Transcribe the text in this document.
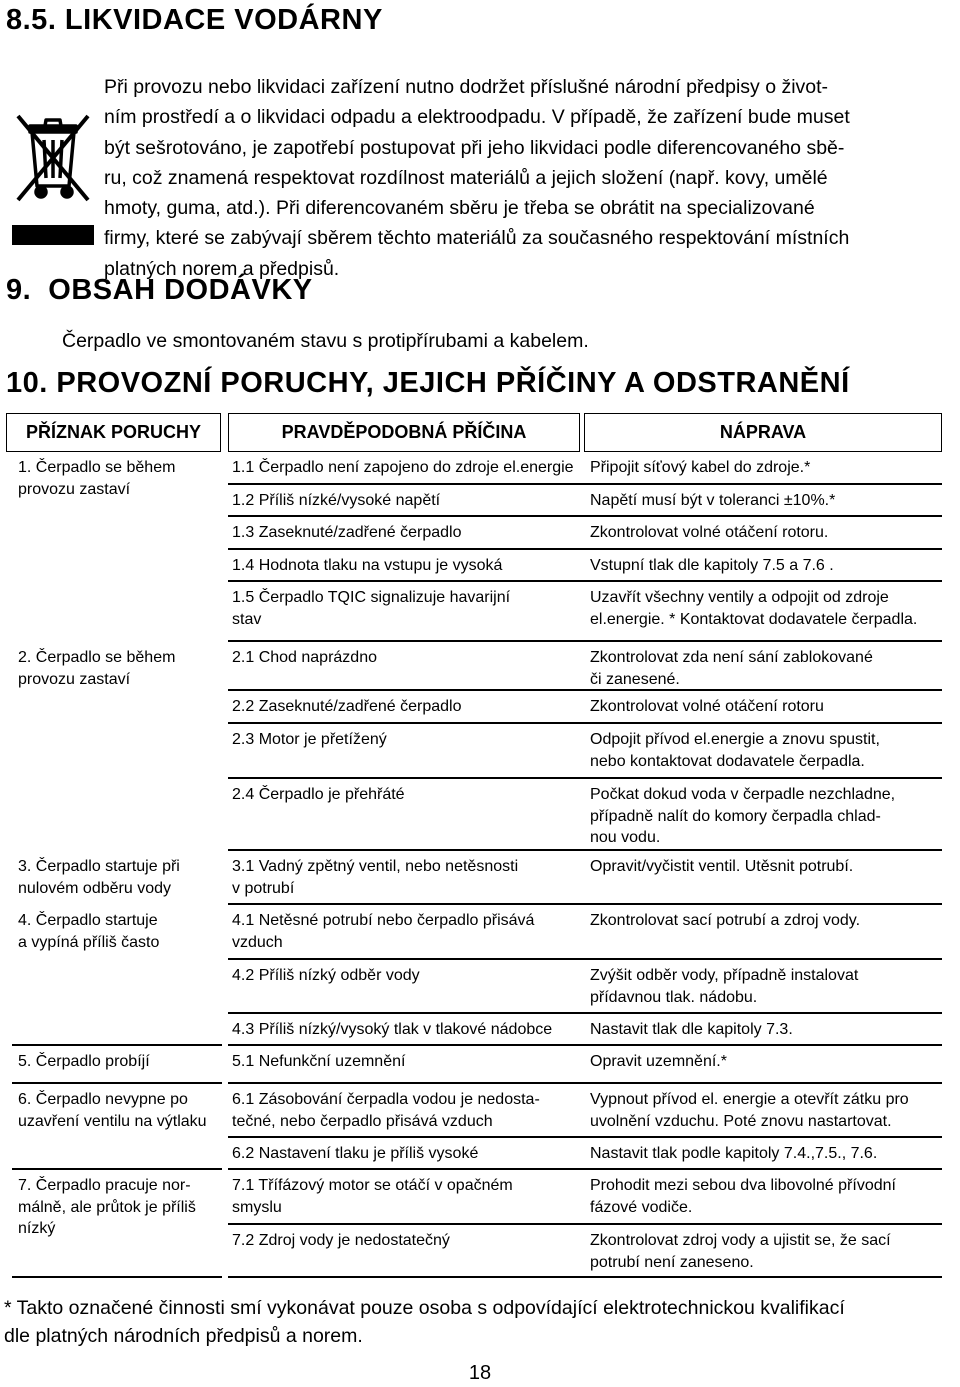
8.5. LIKVIDACE VODÁRNY
Při provozu nebo likvidaci zařízení nutno dodržet příslušné národní předpisy o život-
ním prostředí a o likvidaci odpadu a elektroodpadu. V případě, že zařízení bude muset
být sešrotováno, je zapotřebí postupovat při jeho likvidaci podle diferencovaného sbě-
ru, což znamená respektovat rozdílnost materiálů a jejich složení (např. kovy, umělé
hmoty, guma, atd.). Při diferencovaném sběru je třeba se obrátit na specializované
firmy, které se zabývají sběrem těchto materiálů za současného respektování místních
platných norem a předpisů.
9.  OBSAH DODÁVKY
Čerpadlo ve smontovaném stavu s protipřírubami a kabelem.
10. PROVOZNÍ PORUCHY, JEJICH PŘÍČINY A ODSTRANĚNÍ
PŘÍZNAK PORUCHY	PRAVDĚPODOBNÁ PŘÍČINA	NÁPRAVA
1. Čerpadlo se během
provozu zastaví
2. Čerpadlo se během
provozu zastaví
3. Čerpadlo startuje při
nulovém odběru vody
4. Čerpadlo startuje
a vypíná příliš často
5. Čerpadlo probíjí
6. Čerpadlo nevypne po
uzavření ventilu na výtlaku
7. Čerpadlo pracuje nor-
málně, ale průtok je příliš
nízký
1.1 Čerpadlo není zapojeno do zdroje el.energie
1.2 Příliš nízké/vysoké napětí
1.3 Zaseknuté/zadřené čerpadlo
1.4 Hodnota tlaku na vstupu je vysoká
1.5 Čerpadlo TQIC signalizuje havarijní
stav
2.1 Chod naprázdno
2.2 Zaseknuté/zadřené čerpadlo
2.3 Motor je přetížený
2.4 Čerpadlo je přehřáté
3.1 Vadný zpětný ventil, nebo netěsnosti
v potrubí
4.1 Netěsné potrubí nebo čerpadlo přisává
vzduch
4.2 Příliš nízký odběr vody
4.3 Příliš nízký/vysoký tlak v tlakové nádobce
5.1 Nefunkční uzemnění
6.1 Zásobování čerpadla vodou je nedosta-
tečné, nebo čerpadlo přisává vzduch
6.2 Nastavení tlaku je příliš vysoké
7.1 Třífázový motor se otáčí v opačném
smyslu
7.2 Zdroj vody je nedostatečný
Připojit síťový kabel do zdroje.*
Napětí musí být v toleranci ±10%.*
Zkontrolovat volné otáčení rotoru.
Vstupní tlak dle kapitoly 7.5 a 7.6 .
Uzavřít všechny ventily a odpojit od zdroje
el.energie. * Kontaktovat dodavatele čerpadla.
Zkontrolovat zda není sání zablokované
či zanesené.
Zkontrolovat volné otáčení rotoru
Odpojit přívod el.energie a znovu spustit,
nebo kontaktovat dodavatele čerpadla.
Počkat dokud voda v čerpadle nezchladne,
případně nalít do komory čerpadla chlad-
nou vodu.
Opravit/vyčistit ventil. Utěsnit potrubí.
Zkontrolovat sací potrubí a zdroj vody.
Zvýšit odběr vody, případně instalovat
přídavnou tlak. nádobu.
Nastavit tlak dle kapitoly 7.3.
Opravit uzemnění.*
Vypnout přívod el. energie a otevřít zátku pro
uvolnění vzduchu. Poté znovu nastartovat.
Nastavit tlak podle kapitoly 7.4.,7.5., 7.6.
Prohodit mezi sebou dva libovolné přívodní
fázové vodiče.
Zkontrolovat zdroj vody a ujistit se, že sací
potrubí není zaneseno.
* Takto označené činnosti smí vykonávat pouze osoba s odpovídající elektrotechnickou kvalifikací
dle platných národních předpisů a norem.
18
